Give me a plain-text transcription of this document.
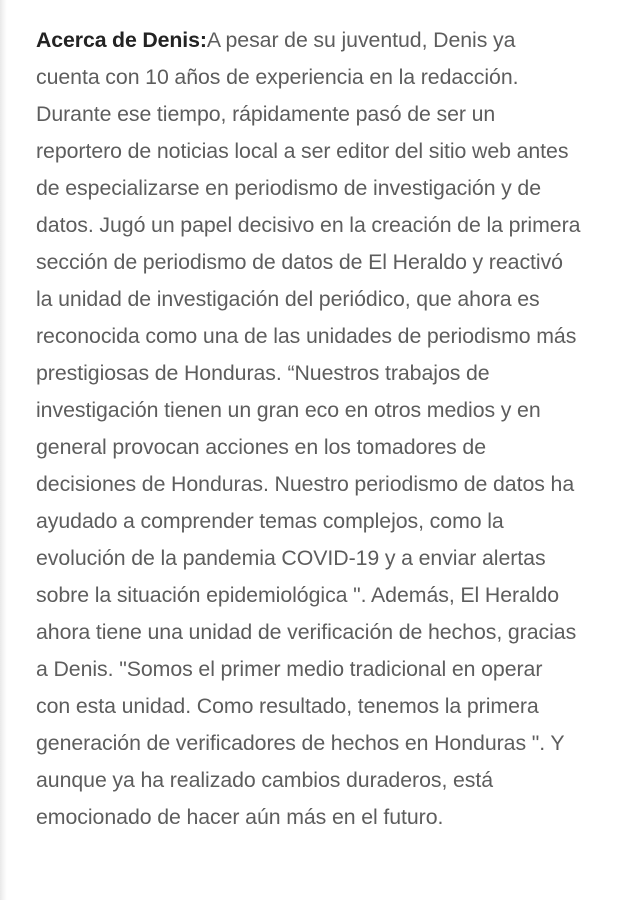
Acerca de Denis:A pesar de su juventud, Denis ya cuenta con 10 años de experiencia en la redacción. Durante ese tiempo, rápidamente pasó de ser un reportero de noticias local a ser editor del sitio web antes de especializarse en periodismo de investigación y de datos. Jugó un papel decisivo en la creación de la primera sección de periodismo de datos de El Heraldo y reactivó la unidad de investigación del periódico, que ahora es reconocida como una de las unidades de periodismo más prestigiosas de Honduras. “Nuestros trabajos de investigación tienen un gran eco en otros medios y en general provocan acciones en los tomadores de decisiones de Honduras. Nuestro periodismo de datos ha ayudado a comprender temas complejos, como la evolución de la pandemia COVID-19 y a enviar alertas sobre la situación epidemiológica ". Además, El Heraldo ahora tiene una unidad de verificación de hechos, gracias a Denis. "Somos el primer medio tradicional en operar con esta unidad. Como resultado, tenemos la primera generación de verificadores de hechos en Honduras ". Y aunque ya ha realizado cambios duraderos, está emocionado de hacer aún más en el futuro.
